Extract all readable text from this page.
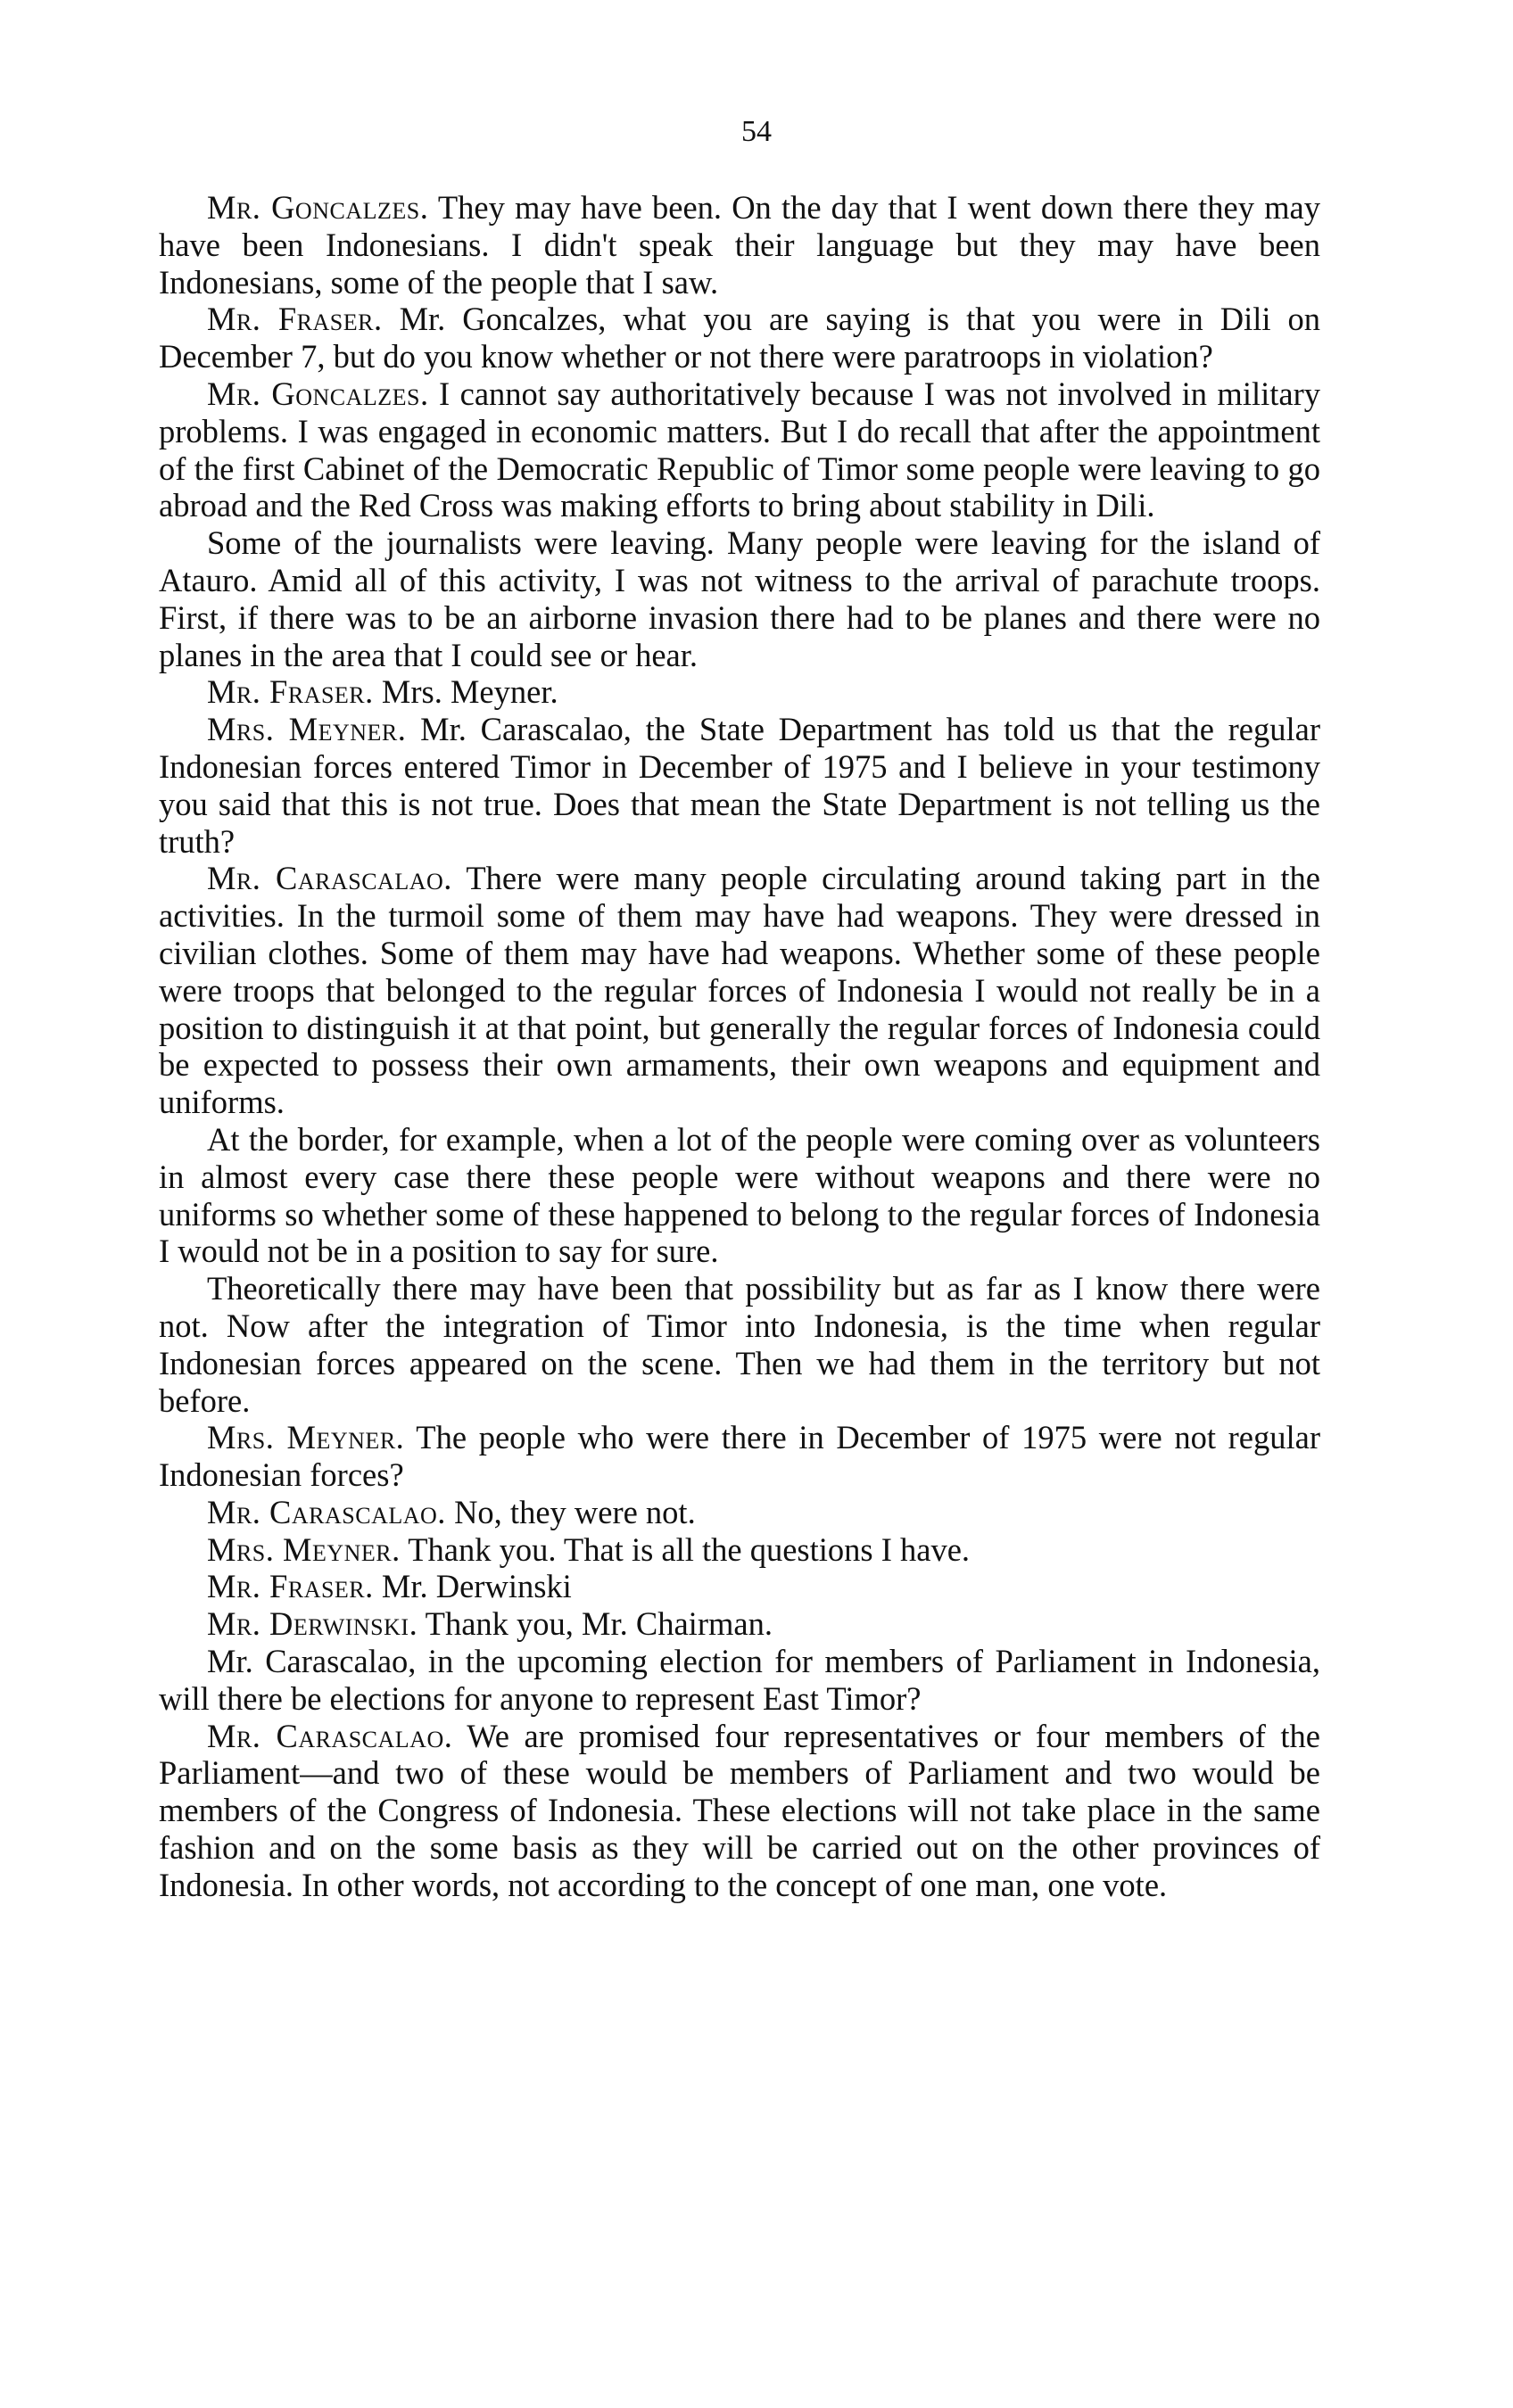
54

Mr. Goncalzes. They may have been. On the day that I went down there they may have been Indonesians. I didn't speak their language but they may have been Indonesians, some of the people that I saw.

Mr. Fraser. Mr. Goncalzes, what you are saying is that you were in Dili on December 7, but do you know whether or not there were paratroops in violation?

Mr. Goncalzes. I cannot say authoritatively because I was not involved in military problems. I was engaged in economic matters. But I do recall that after the appointment of the first Cabinet of the Democratic Republic of Timor some people were leaving to go abroad and the Red Cross was making efforts to bring about stability in Dili.

Some of the journalists were leaving. Many people were leaving for the island of Atauro. Amid all of this activity, I was not witness to the arrival of parachute troops. First, if there was to be an airborne invasion there had to be planes and there were no planes in the area that I could see or hear.

Mr. Fraser. Mrs. Meyner.

Mrs. Meyner. Mr. Carascalao, the State Department has told us that the regular Indonesian forces entered Timor in December of 1975 and I believe in your testimony you said that this is not true. Does that mean the State Department is not telling us the truth?

Mr. Carascalao. There were many people circulating around taking part in the activities. In the turmoil some of them may have had weapons. They were dressed in civilian clothes. Some of them may have had weapons. Whether some of these people were troops that belonged to the regular forces of Indonesia I would not really be in a position to distinguish it at that point, but generally the regular forces of Indonesia could be expected to possess their own armaments, their own weapons and equipment and uniforms.

At the border, for example, when a lot of the people were coming over as volunteers in almost every case there these people were without weapons and there were no uniforms so whether some of these happened to belong to the regular forces of Indonesia I would not be in a position to say for sure.

Theoretically there may have been that possibility but as far as I know there were not. Now after the integration of Timor into Indonesia, is the time when regular Indonesian forces appeared on the scene. Then we had them in the territory but not before.

Mrs. Meyner. The people who were there in December of 1975 were not regular Indonesian forces?

Mr. Carascalao. No, they were not.

Mrs. Meyner. Thank you. That is all the questions I have.

Mr. Fraser. Mr. Derwinski

Mr. Derwinski. Thank you, Mr. Chairman.

Mr. Carascalao, in the upcoming election for members of Parliament in Indonesia, will there be elections for anyone to represent East Timor?

Mr. Carascalao. We are promised four representatives or four members of the Parliament—and two of these would be members of Parliament and two would be members of the Congress of Indonesia. These elections will not take place in the same fashion and on the some basis as they will be carried out on the other provinces of Indonesia. In other words, not according to the concept of one man, one vote.
